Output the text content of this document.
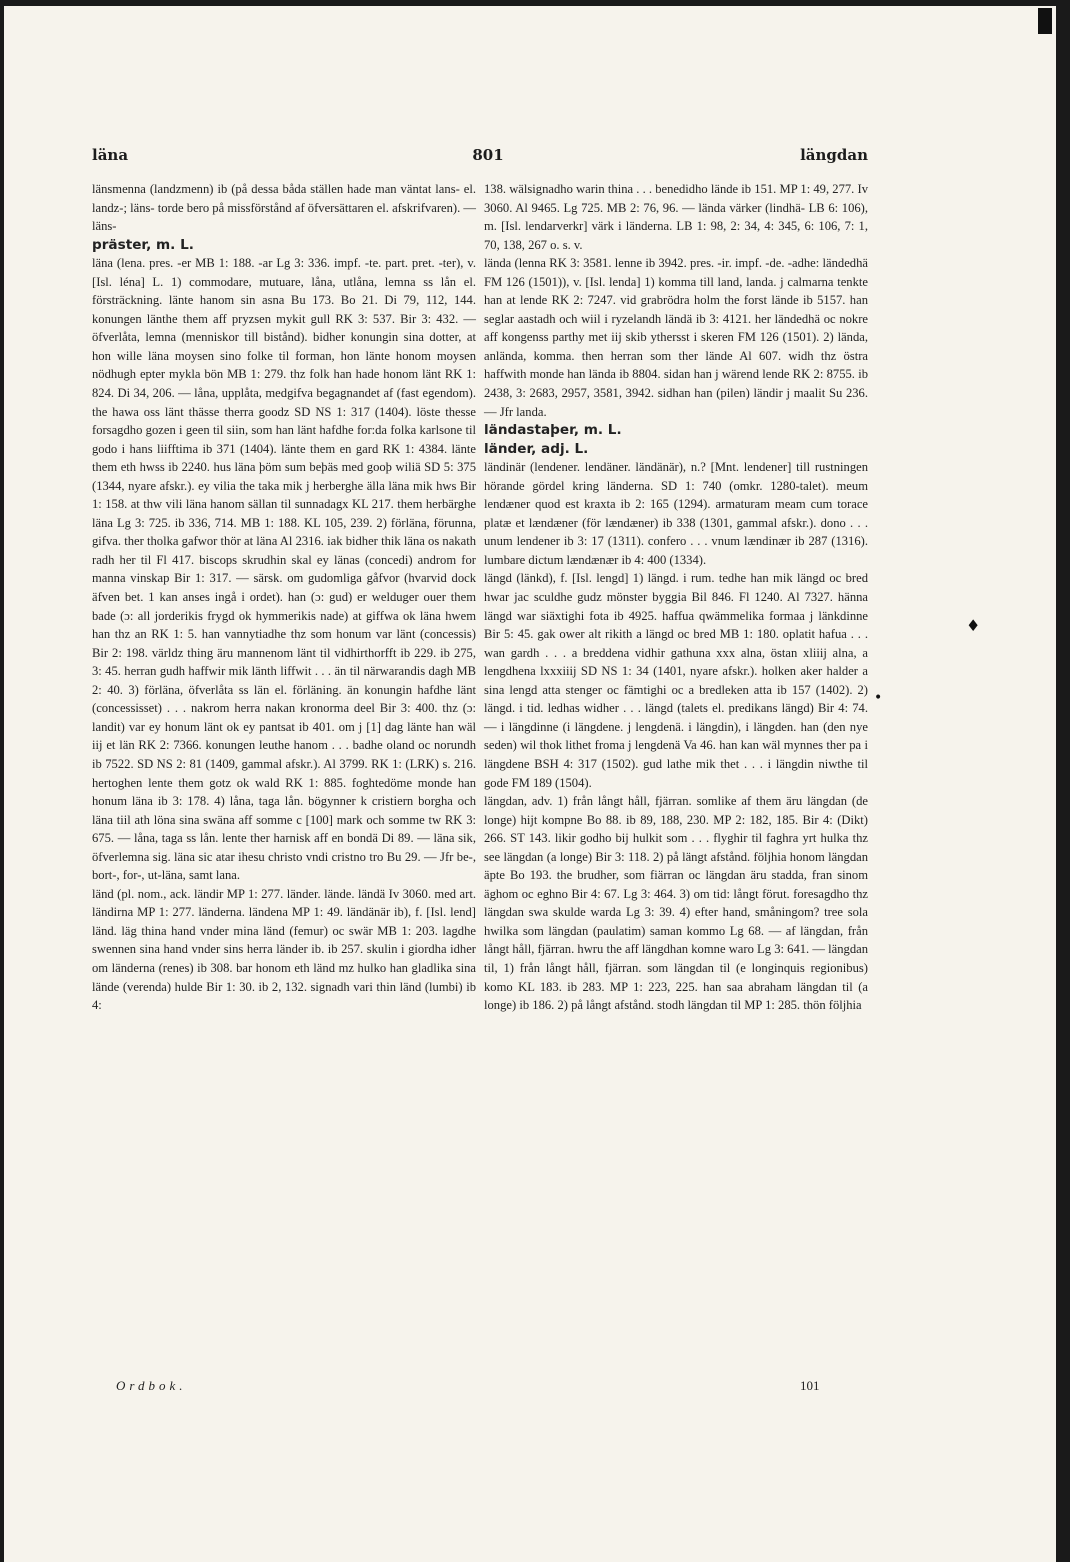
läna	801	längdan

länsmenna (landzmenn) ib (på dessa båda ställen hade man väntat lans- el. landz-; läns- torde bero på missförstånd af öfversättaren el. afskrifvaren). — läns-

präster, m. L.

läna (lena. pres. -er MB 1: 188. -ar Lg 3: 336. impf. -te. part. pret. -ter), v. [Isl. léna] L. 1) commodare, mutuare, låna, utlåna, lemna ss lån el. försträckning. länte hanom sin asna Bu 173. Bo 21. Di 79, 112, 144. konungen länthe them aff pryzsen mykit gull RK 3: 537. Bir 3: 432. — öfverlåta, lemna (menniskor till bistånd). bidher konungin sina dotter, at hon wille läna moysen sino folke til forman, hon länte honom moysen nödhugh epter mykla bön MB 1: 279. thz folk han hade honom länt RK 1: 824. Di 34, 206. — låna, upplåta, medgifva begagnandet af (fast egendom). the hawa oss länt thässe therra goodz SD NS 1: 317 (1404). löste thesse forsagdho gozen i geen til siin, som han länt hafdhe for:da folka karlsone til godo i hans liifftima ib 371 (1404). länte them en gard RK 1: 4384. länte them eth hwss ib 2240. hus läna þöm sum beþäs med gooþ wiliä SD 5: 375 (1344, nyare afskr.). ey vilia the taka mik j herberghe älla läna mik hws Bir 1: 158. at thw vili läna hanom sällan til sunnadagx KL 217. them herbärghe läna Lg 3: 725. ib 336, 714. MB 1: 188. KL 105, 239. 2) förläna, förunna, gifva. ther tholka gafwor thör at läna Al 2316. iak bidher thik läna os nakath radh her til Fl 417. biscops skrudhin skal ey länas (concedi) androm for manna vinskap Bir 1: 317. — särsk. om gudomliga gåfvor (hvarvid dock äfven bet. 1 kan anses ingå i ordet). han (ɔ: gud) er welduger ouer them bade (ɔ: all jorderikis frygd ok hymmerikis nade) at giffwa ok läna hwem han thz an RK 1: 5. han vannytiadhe thz som honum var länt (concessis) Bir 2: 198. världz thing äru mannenom länt til vidhirthorfft ib 229. ib 275, 3: 45. herran gudh haffwir mik länth liffwit . . . än til närwarandis dagh MB 2: 40. 3) förläna, öfverlåta ss län el. förläning. än konungin hafdhe länt (concessisset) . . . nakrom herra nakan kronorma deel Bir 3: 400. thz (ɔ: landit) var ey honum länt ok ey pantsat ib 401. om j [1] dag länte han wäl iij et län RK 2: 7366. konungen leuthe hanom . . . badhe oland oc norundh ib 7522. SD NS 2: 81 (1409, gammal afskr.). Al 3799. RK 1: (LRK) s. 216. hertoghen lente them gotz ok wald RK 1: 885. foghtedöme monde han honum läna ib 3: 178. 4) låna, taga lån. bögynner k cristiern borgha och läna tiil ath löna sina swäna aff somme c [100] mark och somme tw RK 3: 675. — låna, taga ss lån. lente ther harnisk aff en bondä Di 89. — läna sik, öfverlemna sig. läna sic atar ihesu christo vndi cristno tro Bu 29. — Jfr be-, bort-, for-, ut-läna, samt lana.

länd (pl. nom., ack. ländir MP 1: 277. länder. lände. ländä Iv 3060. med art. ländirna MP 1: 277. länderna. ländena MP 1: 49. ländänär ib), f. [Isl. lend] länd. läg thina hand vnder mina länd (femur) oc swär MB 1: 203. lagdhe swennen sina hand vnder sins herra länder ib. ib 257. skulin i giordha idher om länderna (renes) ib 308. bar honom eth länd mz hulko han gladlika sina lände (verenda) hulde Bir 1: 30. ib 2, 132. signadh vari thin länd (lumbi) ib 4:

138. wälsignadho warin thina . . . benedidho lände ib 151. MP 1: 49, 277. Iv 3060. Al 9465. Lg 725. MB 2: 76, 96. — lända värker (lindhä- LB 6: 106), m. [Isl. lendarverkr] värk i länderna. LB 1: 98, 2: 34, 4: 345, 6: 106, 7: 1, 70, 138, 267 o. s. v.

lända (lenna RK 3: 3581. lenne ib 3942. pres. -ir. impf. -de. -adhe: ländedhä FM 126 (1501)), v. [Isl. lenda] 1) komma till land, landa. j calmarna tenkte han at lende RK 2: 7247. vid grabrödra holm the forst lände ib 5157. han seglar aastadh och wiil i ryzelandh ländä ib 3: 4121. her ländedhä oc nokre aff kongenss parthy met iij skib ythersst i skeren FM 126 (1501). 2) ländа, anlända, komma. then herran som ther lände Al 607. widh thz östra haffwith monde han lända ib 8804. sidan han j wärend lende RK 2: 8755. ib 2438, 3: 2683, 2957, 3581, 3942. sidhan han (pilen) ländir j maalit Su 236. — Jfr landa.

ländastaþer, m. L.

länder, adj. L.

ländinär (lendener. lendäner. ländänär), n.? [Mnt. lendener] till rustningen hörande gördel kring länderna. SD 1: 740 (omkr. 1280-talet). meum lendæner quod est kraxta ib 2: 165 (1294). armaturam meam cum torace platæ et lændæner (för lændæner) ib 338 (1301, gammal afskr.). dono . . . unum lendener ib 3: 17 (1311). confero . . . vnum lændinær ib 287 (1316). lumbare dictum lændænær ib 4: 400 (1334).

längd (länkd), f. [Isl. lengd] 1) längd. i rum. tedhe han mik längd oc bred hwar jac sculdhe gudz mönster byggia Bil 846. Fl 1240. Al 7327. hänna längd war siäxtighi fota ib 4925. haffua qwämmelika formaa j länkdinne Bir 5: 45. gak ower alt rikith a längd oc bred MB 1: 180. oplatit hafua . . . wan gardh . . . a breddena vidhir gathuna xxx alna, östan xliiij alna, a lengdhena lxxxiiij SD NS 1: 34 (1401, nyare afskr.). holken aker halder a sina lengd atta stenger oc fämtighi oc a bredleken atta ib 157 (1402). 2) längd. i tid. ledhas widher . . . längd (talets el. predikans längd) Bir 4: 74. — i längdinne (i längdene. j lengdenä. i längdin), i längden. han (den nye seden) wil thok lithet froma j lengdenä Va 46. han kan wäl mynnes ther pa i längdene BSH 4: 317 (1502). gud lathe mik thet . . . i längdin niwthe til gode FM 189 (1504).

längdan, adv. 1) från långt håll, fjärran. somlike af them äru längdan (de longe) hijt kompne Bo 88. ib 89, 188, 230. MP 2: 182, 185. Bir 4: (Dikt) 266. ST 143. likir godho bij hulkit som . . . flyghir til faghra yrt hulka thz see längdan (a longe) Bir 3: 118. 2) på längt afstånd. följhia honom längdan äpte Bo 193. the brudher, som fiärran oc längdan äru stadda, fran sinom äghom oc eghno Bir 4: 67. Lg 3: 464. 3) om tid: långt förut. foresagdho thz längdan swa skulde warda Lg 3: 39. 4) efter hand, småningom? tree sola hwilka som längdan (paulatim) saman kommo Lg 68. — af längdan, från långt håll, fjärran. hwru the aff längdhan komne waro Lg 3: 641. — längdan til, 1) från långt håll, fjärran. som längdan til (e longinquis regionibus) komo KL 183. ib 283. MP 1: 223, 225. han saa abraham längdan til (a longe) ib 186. 2) på långt afstånd. stodh längdan til MP 1: 285. thön följhia

Ordbok.	101
♦
•
